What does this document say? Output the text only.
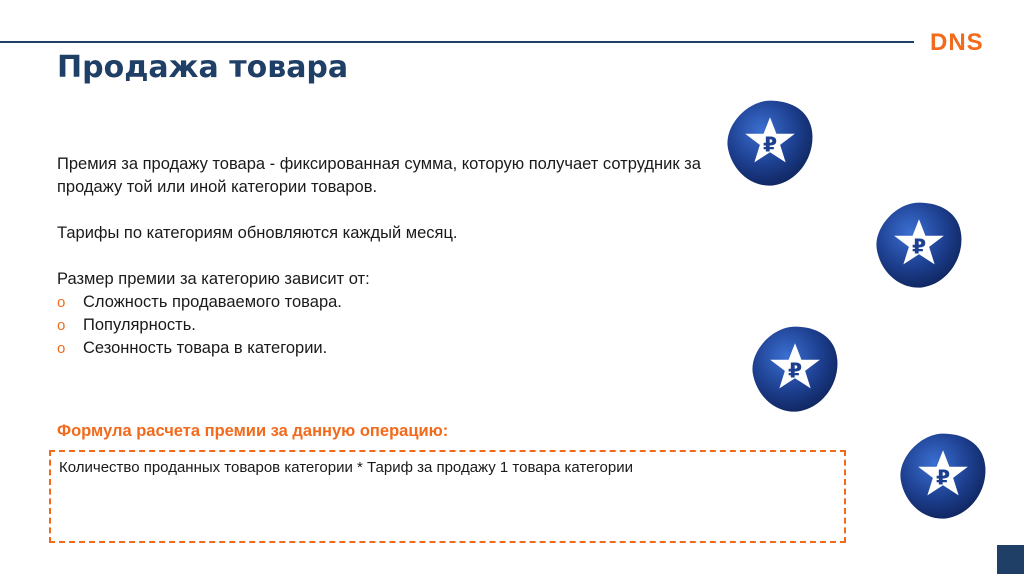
DNS
Продажа товара

Премия за продажу товара - фиксированная сумма, которую получает сотрудник за продажу той или иной категории товаров.

Тарифы по категориям обновляются каждый месяц.

Размер премии за категорию зависит от:

o Сложность продаваемого товара.
o Популярность.
o Сезонность товара в категории.
Формула расчета премии за данную операцию:
Количество проданных товаров категории * Тариф за продажу 1 товара категории
₽
₽
₽
₽
